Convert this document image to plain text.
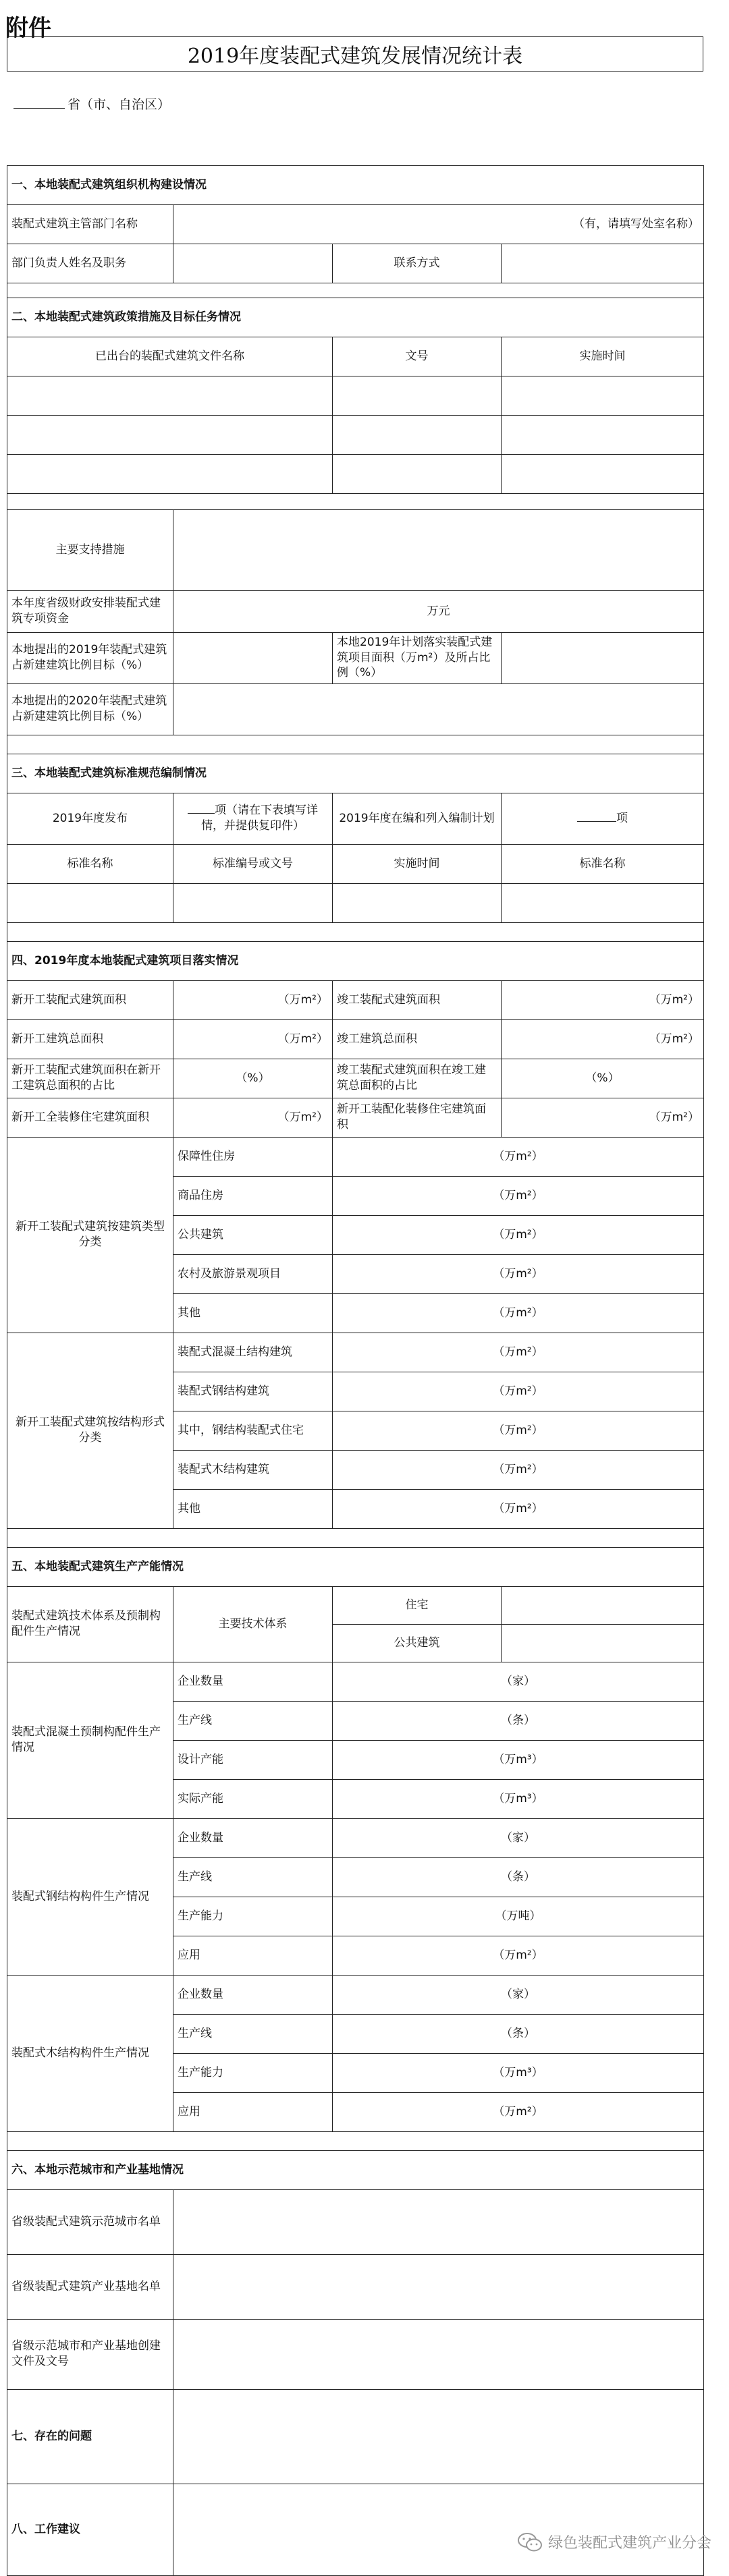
附件
2019年度装配式建筑发展情况统计表
省（市、自治区）

一、本地装配式建筑组织机构建设情况			
装配式建筑主管部门名称	（有，请填写处室名称）		
部门负责人姓名及职务		联系方式	

二、本地装配式建筑政策措施及目标任务情况			
已出台的装配式建筑文件名称		文号	实施时间

主要支持措施			
本年度省级财政安排装配式建筑专项资金	万元		
本地提出的2019年装配式建筑占新建建筑比例目标（%）		本地2019年计划落实装配式建筑项目面积（万m²）及所占比例（%）	
本地提出的2020年装配式建筑占新建建筑比例目标（%）			

三、本地装配式建筑标准规范编制情况			
2019年度发布	项（请在下表填写详情，并提供复印件）	2019年度在编和列入编制计划	项
标准名称	标准编号或文号	实施时间	标准名称

四、2019年度本地装配式建筑项目落实情况			
新开工装配式建筑面积	（万m²）	竣工装配式建筑面积	（万m²）
新开工建筑总面积	（万m²）	竣工建筑总面积	（万m²）
新开工装配式建筑面积在新开工建筑总面积的占比	（%）	竣工装配式建筑面积在竣工建筑总面积的占比	（%）
新开工全装修住宅建筑面积	（万m²）	新开工装配化装修住宅建筑面积	（万m²）
新开工装配式建筑按建筑类型分类	保障性住房	（万m²）	
	商品住房	（万m²）	
	公共建筑	（万m²）	
	农村及旅游景观项目	（万m²）	
	其他	（万m²）	
新开工装配式建筑按结构形式分类	装配式混凝土结构建筑	（万m²）	
	装配式钢结构建筑	（万m²）	
	其中，钢结构装配式住宅	（万m²）	
	装配式木结构建筑	（万m²）	
	其他	（万m²）	

五、本地装配式建筑生产产能情况			
装配式建筑技术体系及预制构配件生产情况	主要技术体系	住宅	
		公共建筑	
装配式混凝土预制构配件生产情况	企业数量	（家）	
	生产线	（条）	
	设计产能	（万m³）	
	实际产能	（万m³）	
装配式钢结构构件生产情况	企业数量	（家）	
	生产线	（条）	
	生产能力	（万吨）	
	应用	（万m²）	
装配式木结构构件生产情况	企业数量	（家）	
	生产线	（条）	
	生产能力	（万m³）	
	应用	（万m²）	

六、本地示范城市和产业基地情况			
省级装配式建筑示范城市名单			
省级装配式建筑产业基地名单			
省级示范城市和产业基地创建文件及文号			
七、存在的问题			
八、工作建议			
绿色装配式建筑产业分会
